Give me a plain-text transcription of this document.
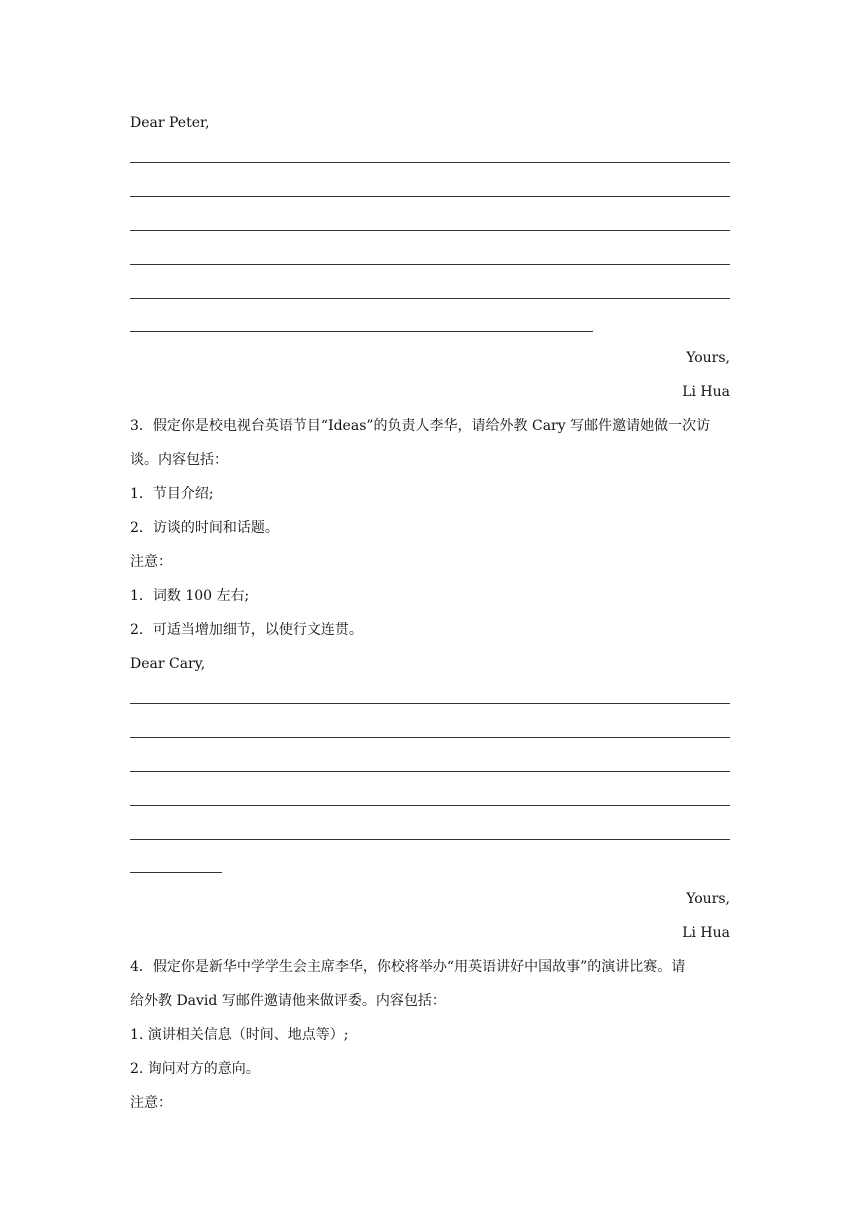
Dear Peter,
Yours,
Li Hua
3．假定你是校电视台英语节目“Ideas”的负责人李华，请给外教 Cary 写邮件邀请她做一次访
谈。内容包括：
1．节目介绍;
2．访谈的时间和话题。
注意：
1．词数 100 左右;
2．可适当增加细节，以使行文连贯。
Dear Cary,
Yours,
Li Hua
4．假定你是新华中学学生会主席李华，你校将举办“用英语讲好中国故事”的演讲比赛。请
给外教 David 写邮件邀请他来做评委。内容包括：
1. 演讲相关信息（时间、地点等）;
2. 询问对方的意向。
注意：
